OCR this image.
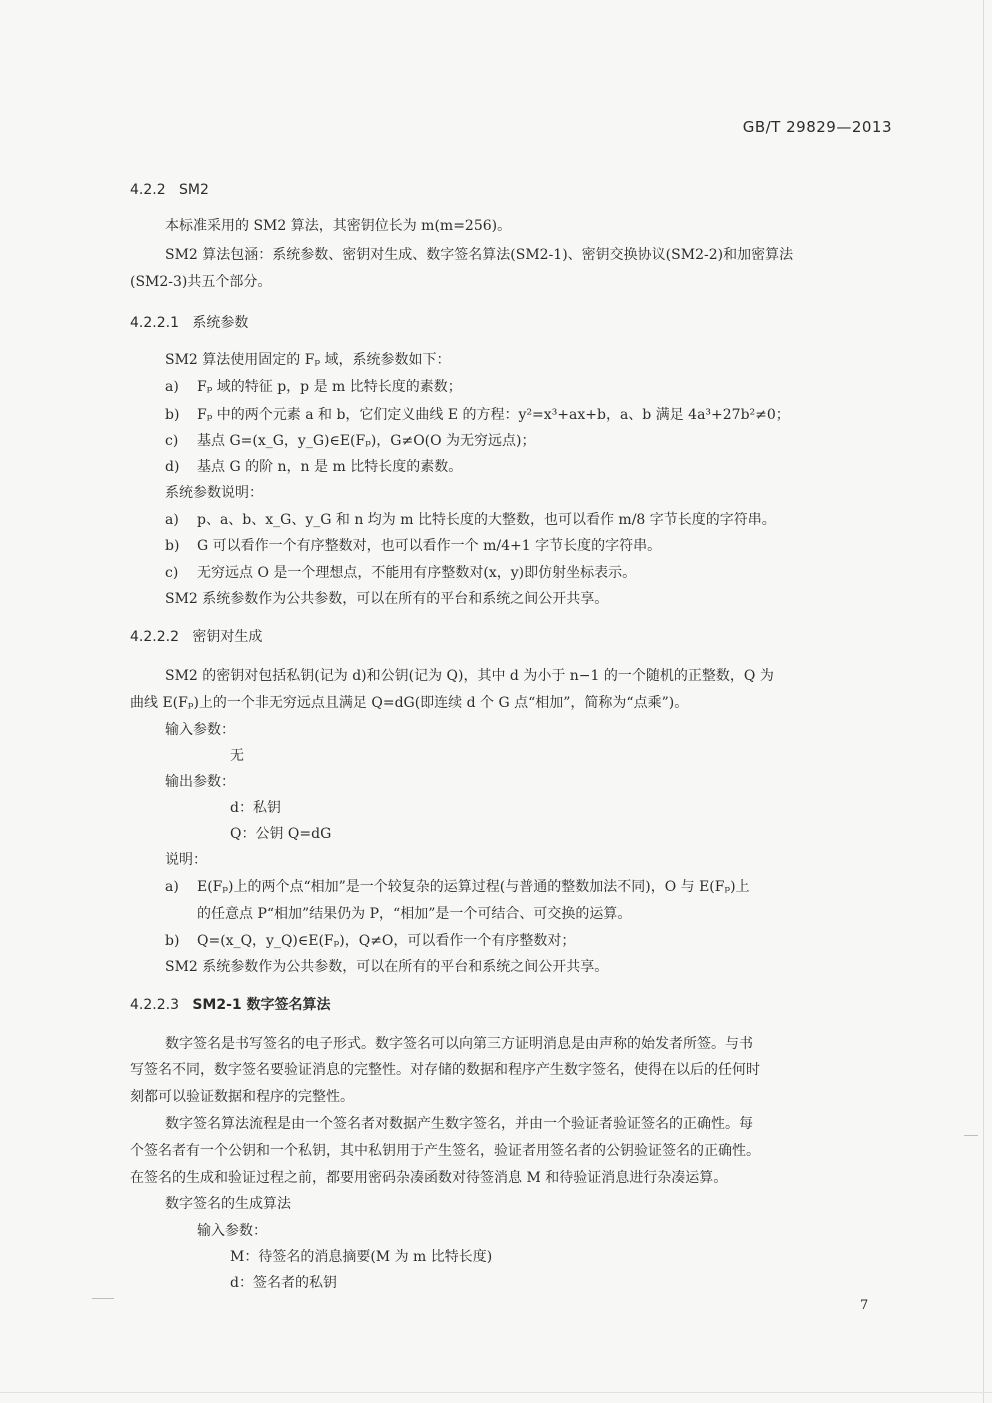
GB/T 29829—2013
4.2.2 SM2
本标准采用的 SM2 算法，其密钥位长为 m(m=256)。
SM2 算法包涵：系统参数、密钥对生成、数字签名算法(SM2-1)、密钥交换协议(SM2-2)和加密算法
(SM2-3)共五个部分。
4.2.2.1 系统参数
SM2 算法使用固定的 Fₚ 域，系统参数如下：
a) Fₚ 域的特征 p，p 是 m 比特长度的素数；
b) Fₚ 中的两个元素 a 和 b，它们定义曲线 E 的方程：y²=x³+ax+b，a、b 满足 4a³+27b²≠0；
c) 基点 G=(x_G，y_G)∈E(Fₚ)，G≠O(O 为无穷远点)；
d) 基点 G 的阶 n，n 是 m 比特长度的素数。
系统参数说明：
a) p、a、b、x_G、y_G 和 n 均为 m 比特长度的大整数，也可以看作 m/8 字节长度的字符串。
b) G 可以看作一个有序整数对，也可以看作一个 m/4+1 字节长度的字符串。
c) 无穷远点 O 是一个理想点，不能用有序整数对(x，y)即仿射坐标表示。
SM2 系统参数作为公共参数，可以在所有的平台和系统之间公开共享。
4.2.2.2 密钥对生成
SM2 的密钥对包括私钥(记为 d)和公钥(记为 Q)，其中 d 为小于 n−1 的一个随机的正整数，Q 为
曲线 E(Fₚ)上的一个非无穷远点且满足 Q=dG(即连续 d 个 G 点“相加”，简称为“点乘”)。
输入参数：
无
输出参数：
d：私钥
Q：公钥 Q=dG
说明：
a) E(Fₚ)上的两个点“相加”是一个较复杂的运算过程(与普通的整数加法不同)，O 与 E(Fₚ)上
的任意点 P“相加”结果仍为 P，“相加”是一个可结合、可交换的运算。
b) Q=(x_Q，y_Q)∈E(Fₚ)，Q≠O，可以看作一个有序整数对；
SM2 系统参数作为公共参数，可以在所有的平台和系统之间公开共享。
4.2.2.3 SM2-1 数字签名算法
数字签名是书写签名的电子形式。数字签名可以向第三方证明消息是由声称的始发者所签。与书
写签名不同，数字签名要验证消息的完整性。对存储的数据和程序产生数字签名，使得在以后的任何时
刻都可以验证数据和程序的完整性。
数字签名算法流程是由一个签名者对数据产生数字签名，并由一个验证者验证签名的正确性。每
个签名者有一个公钥和一个私钥，其中私钥用于产生签名，验证者用签名者的公钥验证签名的正确性。
在签名的生成和验证过程之前，都要用密码杂凑函数对待签消息 M 和待验证消息进行杂凑运算。
数字签名的生成算法
输入参数：
M：待签名的消息摘要(M 为 m 比特长度)
d：签名者的私钥
7
